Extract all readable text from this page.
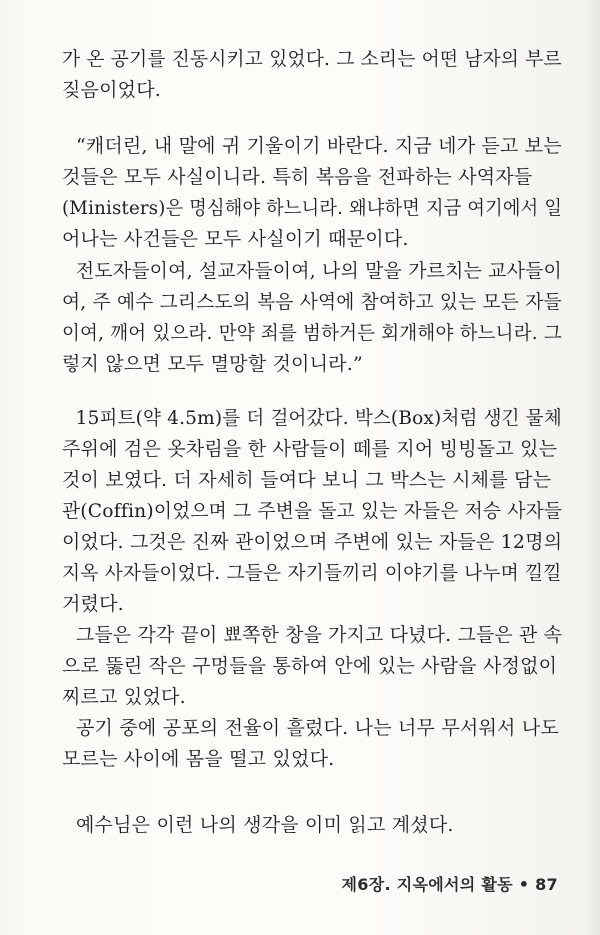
가 온 공기를 진동시키고 있었다. 그 소리는 어떤 남자의 부르
짖음이었다.
“캐더린, 내 말에 귀 기울이기 바란다. 지금 네가 듣고 보는
것들은 모두 사실이니라. 특히 복음을 전파하는 사역자들
(Ministers)은 명심해야 하느니라. 왜냐하면 지금 여기에서 일
어나는 사건들은 모두 사실이기 때문이다.
전도자들이여, 설교자들이여, 나의 말을 가르치는 교사들이
여, 주 예수 그리스도의 복음 사역에 참여하고 있는 모든 자들
이여, 깨어 있으라. 만약 죄를 범하거든 회개해야 하느니라. 그
렇지 않으면 모두 멸망할 것이니라.”
15피트(약 4.5m)를 더 걸어갔다. 박스(Box)처럼 생긴 물체
주위에 검은 옷차림을 한 사람들이 떼를 지어 빙빙돌고 있는
것이 보였다. 더 자세히 들여다 보니 그 박스는 시체를 담는
관(Coffin)이었으며 그 주변을 돌고 있는 자들은 저승 사자들
이었다. 그것은 진짜 관이었으며 주변에 있는 자들은 12명의
지옥 사자들이었다. 그들은 자기들끼리 이야기를 나누며 낄낄
거렸다.
그들은 각각 끝이 뾰쪽한 창을 가지고 다녔다. 그들은 관 속
으로 뚫린 작은 구멍들을 통하여 안에 있는 사람을 사정없이
찌르고 있었다.
공기 중에 공포의 전율이 흘렀다. 나는 너무 무서워서 나도
모르는 사이에 몸을 떨고 있었다.
예수님은 이런 나의 생각을 이미 읽고 계셨다.
제6장. 지옥에서의 활동 • 87
